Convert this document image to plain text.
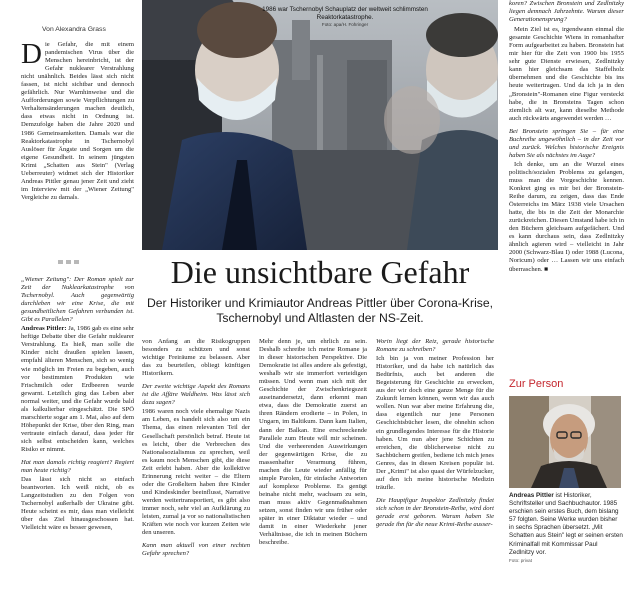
Von Alexandra Grass

Die Gefahr, die mit einem pandemischen Virus über die Menschen hereinbricht, ist der Gefahr nuklearer Verstrahlung nicht unähnlich. Beides lässt sich nicht fassen, ist nicht sichtbar und dennoch gefährlich. Nur Warnhinweise und die Aufforderungen sowie Verpflichtungen zu Verhaltensänderungen machen deutlich, dass etwas nicht in Ordnung ist. Demzufolge haben die Jahre 2020 und 1986 Gemeinsamkeiten. Damals war die Reaktorkatastrophe in Tschernobyl Auslöser für Ängste und Sorgen um die eigene Gesundheit. In seinem jüngsten Krimi „Schatten aus Stein" (Verlag Ueberreuter) widmet sich der Historiker Andreas Pittler genau jener Zeit und zieht im Interview mit der „Wiener Zeitung" Vergleiche zu damals.

„Wiener Zeitung": Der Roman spielt zur Zeit der Nuklearkatastrophe von Tschernobyl. Auch gegenwärtig durchleben wir eine Krise, die mit gesundheitlichen Gefahren verbunden ist. Gibt es Parallelen?

Andreas Pittler: Ja, 1986 gab es eine sehr heftige Debatte über die Gefahr nuklearer Verstrahlung. Es hieß, man solle die Kinder nicht draußen spielen lassen, empfahl älteren Menschen, sich so wenig wie möglich im Freien zu begeben, auch vor bestimmten Produkten wie Frischmilch oder Erdbeeren wurde gewarnt. Letztlich ging das Leben aber normal weiter, und die Gefahr wurde bald als kalkulierbar eingeschätzt. Die SPÖ marschierte sogar am 1. Mai, also auf dem Höhepunkt der Krise, über den Ring, man vertraute einfach darauf, dass jeder für sich selbst entscheiden kann, welches Risiko er nimmt.

Hat man damals richtig reagiert? Regiert man heute richtig?

Das lässt sich nicht so einfach beantworten. Ich weiß nicht, ob es Langzeitstudien zu den Folgen von Tschernobyl außerhalb der Ukraine gibt. Heute scheint es mir, dass man vielleicht über das Ziel hinausgeschossen hat. Vielleicht wäre es besser gewesen,

1986 war Tschernobyl Schauplatz der weltweit schlimmsten Reaktorkatastrophe.
Foto: apa/H. Fohringer
Die unsichtbare Gefahr
Der Historiker und Krimiautor Andreas Pittler über Corona-Krise, Tschernobyl und Altlasten der NS-Zeit.

von Anfang an die Risikogruppen besonders zu schützen und sonst wichtige Freiräume zu belassen. Aber das zu beurteilen, obliegt künftigen Historikern.

Der zweite wichtige Aspekt des Romans ist die Affäre Waldheim. Was lässt sich dazu sagen?

1986 waren noch viele ehemalige Nazis am Leben, es handelt sich also um ein Thema, das einen relevanten Teil der Gesellschaft persönlich betraf. Heute ist es leicht, über die Verbrechen des Nationalsozialismus zu sprechen, weil es kaum noch Menschen gibt, die diese Zeit erlebt haben. Aber die kollektive Erinnerung reicht weiter – die Eltern oder die Großeltern haben ihre Kinder und Kindeskinder beeinflusst, Narrative werden weitertransportiert, es gibt also immer noch, sehr viel an Aufklärung zu leisten, zumal ja vor so nationalistischen Kräften wie noch vor kurzen Zeiten wie den unseren.

Kann man aktuell von einer rechten Gefahr sprechen?

Mehr denn je, um ehrlich zu sein. Deshalb schreibe ich meine Romane ja in dieser historischen Perspektive. Die Demokratie ist alles andere als gefestigt, weshalb wir sie immerfort verteidigen müssen. Und wenn man sich mit der Geschichte der Zwischenkriegszeit auseinandersetzt, dann erkennt man etwa, dass die Demokratie zuerst an ihren Rändern erodierte – in Polen, in Ungarn, im Baltikum. Dann kam Italien, dann der Balkan. Eine erschreckende Parallele zum Heute will mir scheinen. Und die verheerenden Auswirkungen der gegenwärtigen Krise, die zu massenhafter Verarmung führen, machen die Leute wieder anfällig für simple Parolen, für einfache Antworten auf komplexe Probleme. Es genügt beinahe nicht mehr, wachsam zu sein, man muss aktiv Gegenmaßnahmen setzen, sonst finden wir uns früher oder später in einer Diktatur wieder – und damit in einer Wiederkehr jener Verhältnisse, die ich in meinen Büchern beschreibe.

Worin liegt der Reiz, gerade historische Romane zu schreiben?

Ich bin ja von meiner Profession her Historiker, und da habe ich natürlich das Bedürfnis, auch bei anderen die Begeisterung für Geschichte zu erwecken, aus der wir doch eine ganze Menge für die Zukunft lernen können, wenn wir das auch wollen. Nun war aber meine Erfahrung die, dass eigentlich nur jene Personen Geschichtsbücher lesen, die ohnehin schon ein grundlegendes Interesse für die Historie haben. Um nun aber jene Schichten zu erreichen, die üblicherweise nicht zu Sachbüchern greifen, bediene ich mich jenes Genres, das in diesen Kreisen populär ist. Der „Krimi" ist also quasi der Würfelzucker, auf den ich meine historische Medizin träufle.

Die Hauptfigur Inspektor Zedlnitzky findet sich schon in der Bronstein-Reihe, wird dort gerade erst geboren. Warum haben Sie gerade ihn für die neue Krimi-Reihe ausser-

koren? Zwischen Bronstein und Zedlnitzky liegen demnach Jahrzehnte. Warum dieser Generationensprung?

Mein Ziel ist es, irgendwann einmal die gesamte Geschichte Wiens in romanhafter Form aufgearbeitet zu haben. Bronstein hat mir hier für die Zeit von 1900 bis 1955 sehr gute Dienste erwiesen, Zedlnitzky kann hier gleichsam das Staffelholz übernehmen und die Geschichte bis ins heute weitertragen. Und da ich ja in den „Bronstein"-Romanen eine Figur versteckt habe, die in Bronsteins Tagen schon ziemlich alt war, kann dieselbe Methode auch rückwärts angewendet werden …

Bei Bronstein springen Sie – für eine Buchreihe ungewöhnlich – in der Zeit vor und zurück. Welches historische Ereignis haben Sie als nächstes im Auge?

Ich denke, um an die Wurzel eines politisch/sozialen Problems zu gelangen, muss man die Vorgeschichte kennen. Konkret ging es mir bei der Bronstein-Reihe darum, zu zeigen, dass das Ende Österreichs im März 1938 viele Ursachen hatte, die bis in die Zeit der Monarchie zurückreichen. Diesen Umstand habe ich in den Büchern gleichsam aufgefächert. Und es kann durchaus sein, dass Zedlnitzky ähnlich agieren wird – vielleicht in Jahr 2000 (Schwarz-Blau I) oder 1988 (Lucona, Noricum) oder … Lassen wir uns einfach überraschen. ■

Zur Person
Andreas Pittler ist Historiker, Schriftsteller und Sachbuchautor. 1985 erschien sein erstes Buch, dem bislang 57 folgten. Seine Werke wurden bisher in sechs Sprachen übersetzt. „Mit Schatten aus Stein" legt er seinen ersten Kriminalfall mit Kommissar Paul Zedlnitzy vor.
Foto: privat
